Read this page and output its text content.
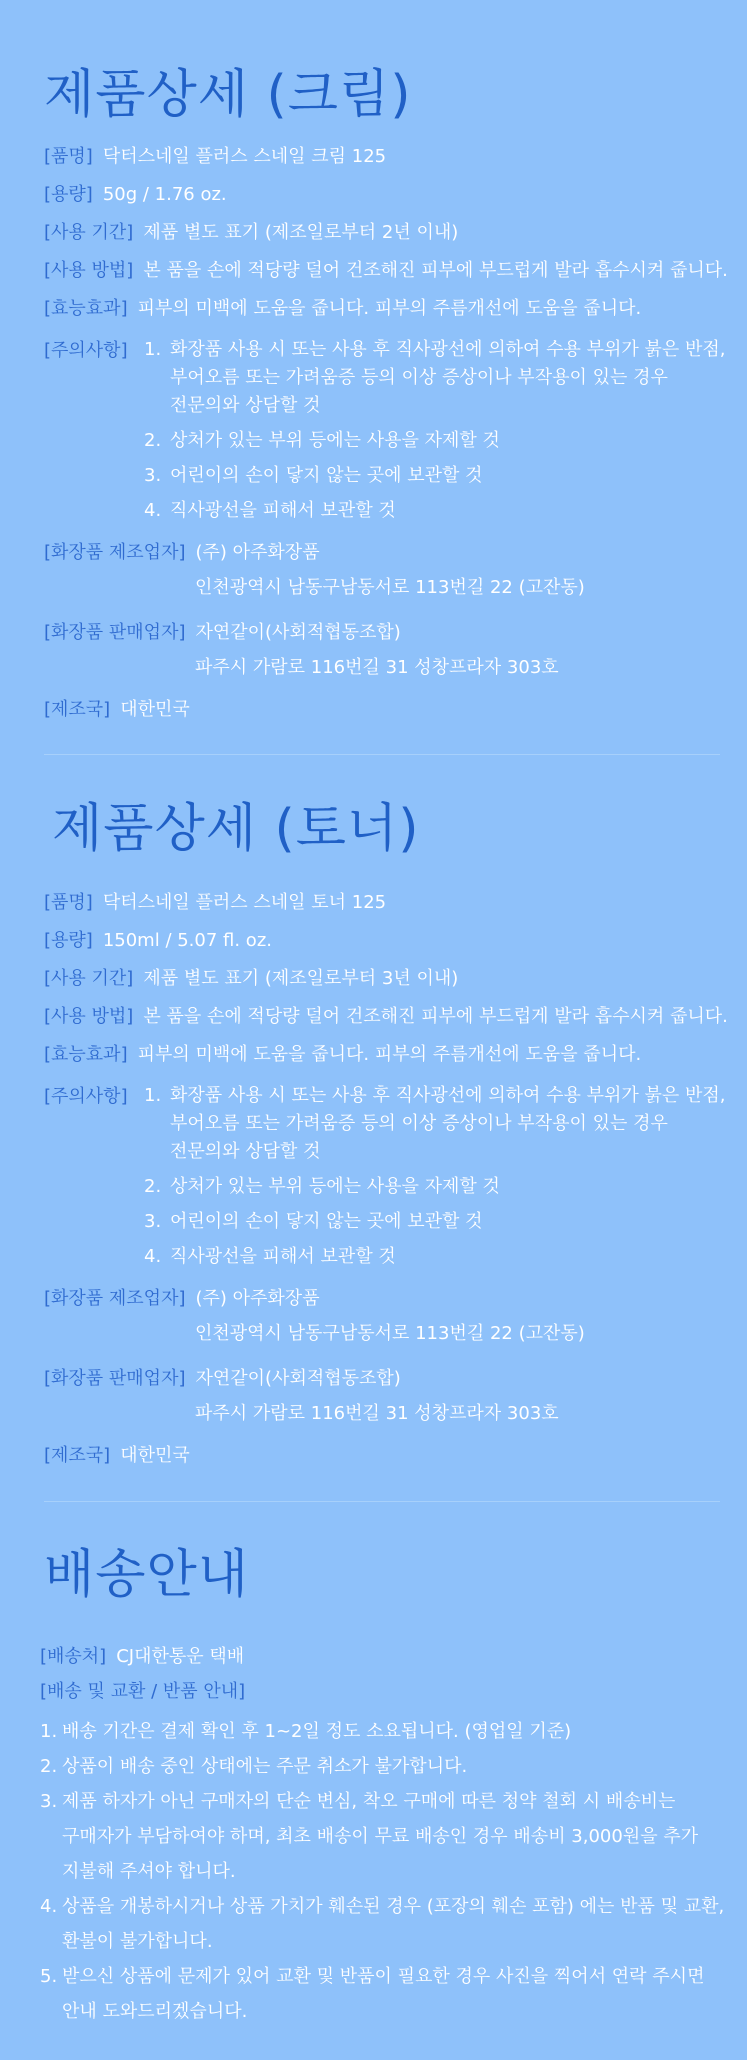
제품상세 (크림)
[품명] 닥터스네일 플러스 스네일 크림 125
[용량] 50g / 1.76 oz.
[사용 기간] 제품 별도 표기 (제조일로부터 2년 이내)
[사용 방법] 본 품을 손에 적당량 덜어 건조해진 피부에 부드럽게 발라 흡수시켜 줍니다.
[효능효과] 피부의 미백에 도움을 줍니다. 피부의 주름개선에 도움을 줍니다.
[주의사항] 1. 화장품 사용 시 또는 사용 후 직사광선에 의하여 수용 부위가 붉은 반점,
부어오름 또는 가려움증 등의 이상 증상이나 부작용이 있는 경우
전문의와 상담할 것
2. 상처가 있는 부위 등에는 사용을 자제할 것
3. 어린이의 손이 닿지 않는 곳에 보관할 것
4. 직사광선을 피해서 보관할 것
[화장품 제조업자] (주) 아주화장품
인천광역시 남동구남동서로 113번길 22 (고잔동)
[화장품 판매업자] 자연같이(사회적협동조합)
파주시 가람로 116번길 31 성창프라자 303호
[제조국] 대한민국
제품상세 (토너)
[품명] 닥터스네일 플러스 스네일 토너 125
[용량] 150ml / 5.07 fl. oz.
[사용 기간] 제품 별도 표기 (제조일로부터 3년 이내)
[사용 방법] 본 품을 손에 적당량 덜어 건조해진 피부에 부드럽게 발라 흡수시켜 줍니다.
[효능효과] 피부의 미백에 도움을 줍니다. 피부의 주름개선에 도움을 줍니다.
[주의사항] 1. 화장품 사용 시 또는 사용 후 직사광선에 의하여 수용 부위가 붉은 반점,
부어오름 또는 가려움증 등의 이상 증상이나 부작용이 있는 경우
전문의와 상담할 것
2. 상처가 있는 부위 등에는 사용을 자제할 것
3. 어린이의 손이 닿지 않는 곳에 보관할 것
4. 직사광선을 피해서 보관할 것
[화장품 제조업자] (주) 아주화장품
인천광역시 남동구남동서로 113번길 22 (고잔동)
[화장품 판매업자] 자연같이(사회적협동조합)
파주시 가람로 116번길 31 성창프라자 303호
[제조국] 대한민국
배송안내
[배송처] CJ대한통운 택배
[배송 및 교환 / 반품 안내]
1. 배송 기간은 결제 확인 후 1~2일 정도 소요됩니다. (영업일 기준)
2. 상품이 배송 중인 상태에는 주문 취소가 불가합니다.
3. 제품 하자가 아닌 구매자의 단순 변심, 착오 구매에 따른 청약 철회 시 배송비는
구매자가 부담하여야 하며, 최초 배송이 무료 배송인 경우 배송비 3,000원을 추가
지불해 주셔야 합니다.
4. 상품을 개봉하시거나 상품 가치가 훼손된 경우 (포장의 훼손 포함) 에는 반품 및 교환,
환불이 불가합니다.
5. 받으신 상품에 문제가 있어 교환 및 반품이 필요한 경우 사진을 찍어서 연락 주시면
안내 도와드리겠습니다.
